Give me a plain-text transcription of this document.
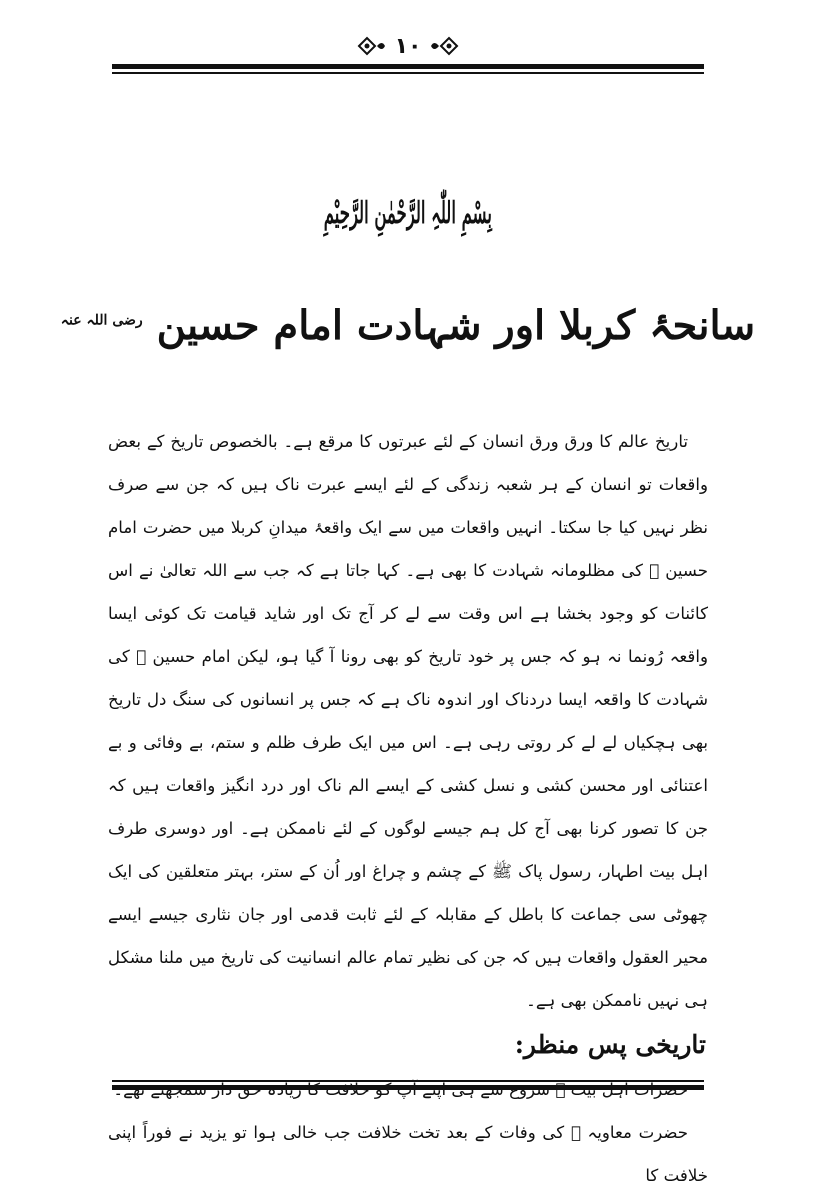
١٠
بِسْمِ اللّٰہِ الرَّحْمٰنِ الرَّحِيْمِ
سانحۂ کربلا اور شہادت امام حسین $^{رضی اللہ عنہ}$

تاریخ عالم کا ورق ورق انسان کے لئے عبرتوں کا مرقع ہے۔ بالخصوص تاریخ کے بعض واقعات تو انسان کے ہر شعبہ زندگی کے لئے ایسے عبرت ناک ہیں کہ جن سے صرف نظر نہیں کیا جا سکتا۔ انہیں واقعات میں سے ایک واقعۂ میدانِ کربلا میں حضرت امام حسین ﷜ کی مظلومانہ شہادت کا بھی ہے۔ کہا جاتا ہے کہ جب سے اللہ تعالیٰ نے اس کائنات کو وجود بخشا ہے اس وقت سے لے کر آج تک اور شاید قیامت تک کوئی ایسا واقعہ رُونما نہ ہو کہ جس پر خود تاریخ کو بھی رونا آ گیا ہو، لیکن امام حسین ﷜ کی شہادت کا واقعہ ایسا دردناک اور اندوہ ناک ہے کہ جس پر انسانوں کی سنگ دل تاریخ بھی ہچکیاں لے لے کر روتی رہی ہے۔ اس میں ایک طرف ظلم و ستم، بے وفائی و بے اعتنائی اور محسن کشی و نسل کشی کے ایسے الم ناک اور درد انگیز واقعات ہیں کہ جن کا تصور کرنا بھی آج کل ہم جیسے لوگوں کے لئے ناممکن ہے۔ اور دوسری طرف اہل بیت اطہار، رسول پاک ﷺ کے چشم و چراغ اور اُن کے ستر، بہتر متعلقین کی ایک چھوٹی سی جماعت کا باطل کے مقابلہ کے لئے ثابت قدمی اور جان نثاری جیسے ایسے محیر العقول واقعات ہیں کہ جن کی نظیر تمام عالم انسانیت کی تاریخ میں ملنا مشکل ہی نہیں ناممکن بھی ہے۔

تاریخی پس منظر:

حضرت معاویہ ﷜ کی وفات کے بعد تخت خلافت جب خالی ہوا تو یزید نے فوراً اپنی خلافت کا
